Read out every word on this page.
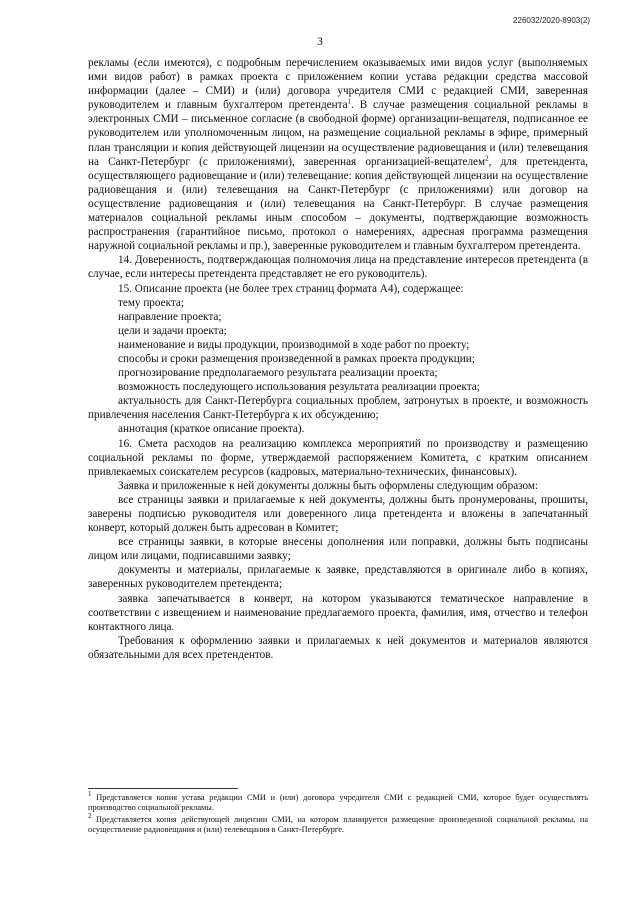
226032/2020-8903(2)
3

рекламы (если имеются), с подробным перечислением оказываемых ими видов услуг (выполняемых ими видов работ) в рамках проекта с приложением копии устава редакции средства массовой информации (далее – СМИ) и (или) договора учредителя СМИ с редакцией СМИ, заверенная руководителем и главным бухгалтером претендента$^1$. В случае размещения социальной рекламы в электронных СМИ – письменное согласие (в свободной форме) организации-вещателя, подписанное ее руководителем или уполномоченным лицом, на размещение социальной рекламы в эфире, примерный план трансляции и копия действующей лицензии на осуществление радиовещания и (или) телевещания на Санкт-Петербург (с приложениями), заверенная организацией-вещателем$^2$, для претендента, осуществляющего радиовещание и (или) телевещание: копия действующей лицензии на осуществление радиовещания и (или) телевещания на Санкт-Петербург (с приложениями) или договор на осуществление радиовещания и (или) телевещания на Санкт-Петербург. В случае размещения материалов социальной рекламы иным способом – документы, подтверждающие возможность распространения (гарантийное письмо, протокол о намерениях, адресная программа размещения наружной социальной рекламы и пр.), заверенные руководителем и главным бухгалтером претендента.

14. Доверенность, подтверждающая полномочия лица на представление интересов претендента (в случае, если интересы претендента представляет не его руководитель).

15. Описание проекта (не более трех страниц формата А4), содержащее:

тему проекта;

направление проекта;

цели и задачи проекта;

наименование и виды продукции, производимой в ходе работ по проекту;

способы и сроки размещения произведенной в рамках проекта продукции;

прогнозирование предполагаемого результата реализации проекта;

возможность последующего использования результата реализации проекта;

актуальность для Санкт-Петербурга социальных проблем, затронутых в проекте, и возможность привлечения населения Санкт-Петербурга к их обсуждению;

аннотация (краткое описание проекта).

16. Смета расходов на реализацию комплекса мероприятий по производству и размещению социальной рекламы по форме, утверждаемой распоряжением Комитета, с кратким описанием привлекаемых соискателем ресурсов (кадровых, материально-технических, финансовых).

Заявка и приложенные к ней документы должны быть оформлены следующим образом:

все страницы заявки и прилагаемые к ней документы, должны быть пронумерованы, прошиты, заверены подписью руководителя или доверенного лица претендента и вложены в запечатанный конверт, который должен быть адресован в Комитет;

все страницы заявки, в которые внесены дополнения или поправки, должны быть подписаны лицом или лицами, подписавшими заявку;

документы и материалы, прилагаемые к заявке, представляются в оригинале либо в копиях, заверенных руководителем претендента;

заявка запечатывается в конверт, на котором указываются тематическое направление в соответствии с извещением и наименование предлагаемого проекта, фамилия, имя, отчество и телефон контактного лица.

Требования к оформлению заявки и прилагаемых к ней документов и материалов являются обязательными для всех претендентов.

$^1$ Представляется копия устава редакции СМИ и (или) договора учредителя СМИ с редакцией СМИ, которое будет осуществлять производство социальной рекламы.

$^2$ Представляется копия действующей лицензии СМИ, на котором планируется размещение произведенной социальной рекламы, на осуществление радиовещания и (или) телевещания в Санкт-Петербурге.
